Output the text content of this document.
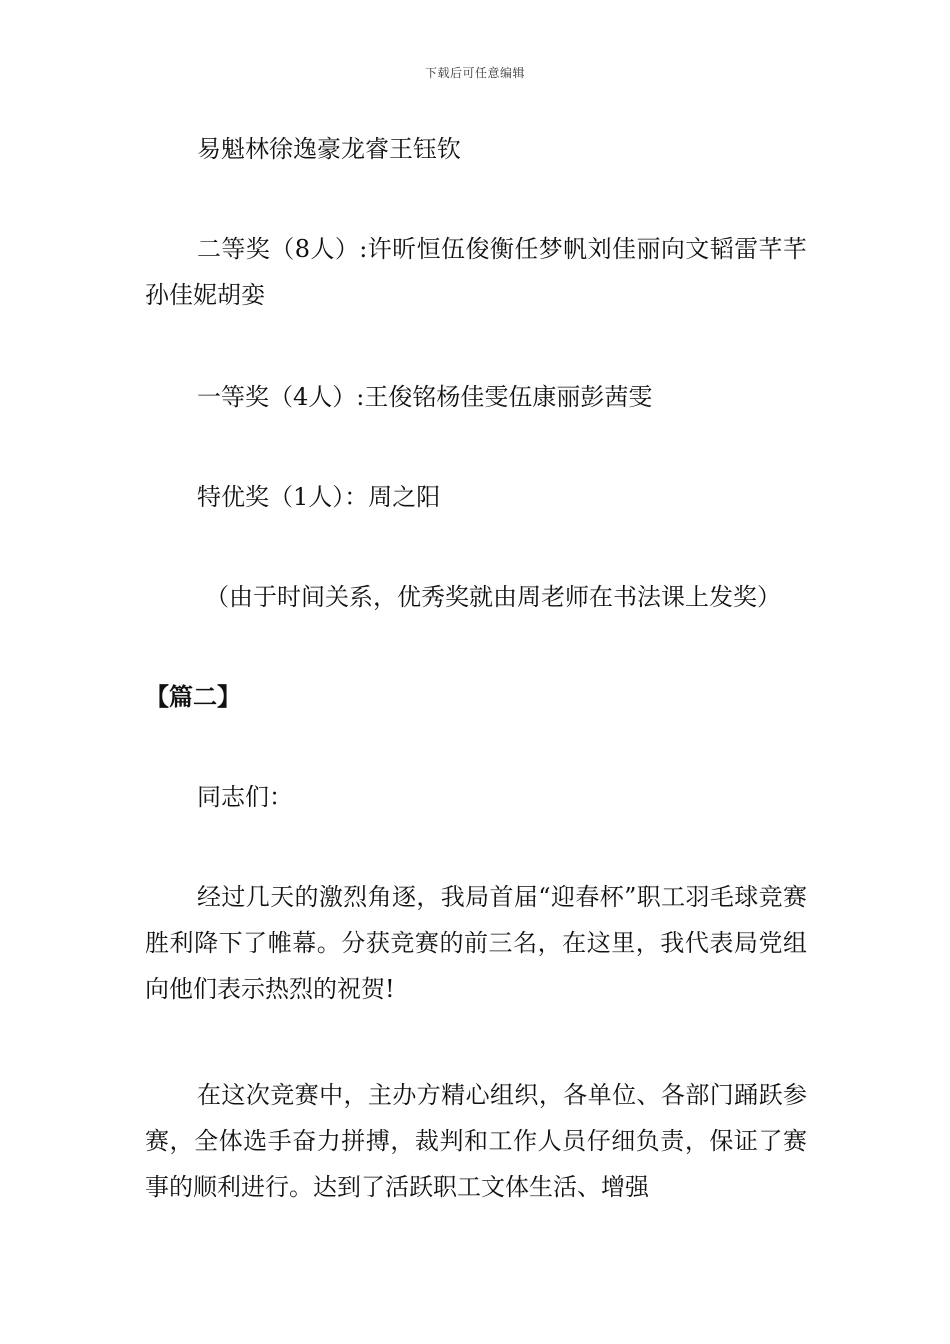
下载后可任意编辑
易魁林徐逸豪龙睿王钰钦
二等奖（8人）:许昕恒伍俊衡任梦帆刘佳丽向文韬雷芊芊孙佳妮胡娈
一等奖（4人）:王俊铭杨佳雯伍康丽彭茜雯
特优奖（1人）：周之阳
（由于时间关系，优秀奖就由周老师在书法课上发奖）
【篇二】
同志们：
经过几天的激烈角逐，我局首届“迎春杯”职工羽毛球竞赛胜利降下了帷幕。分获竞赛的前三名，在这里，我代表局党组向他们表示热烈的祝贺!
在这次竞赛中，主办方精心组织，各单位、各部门踊跃参赛，全体选手奋力拼搏，裁判和工作人员仔细负责，保证了赛事的顺利进行。达到了活跃职工文体生活、增强
